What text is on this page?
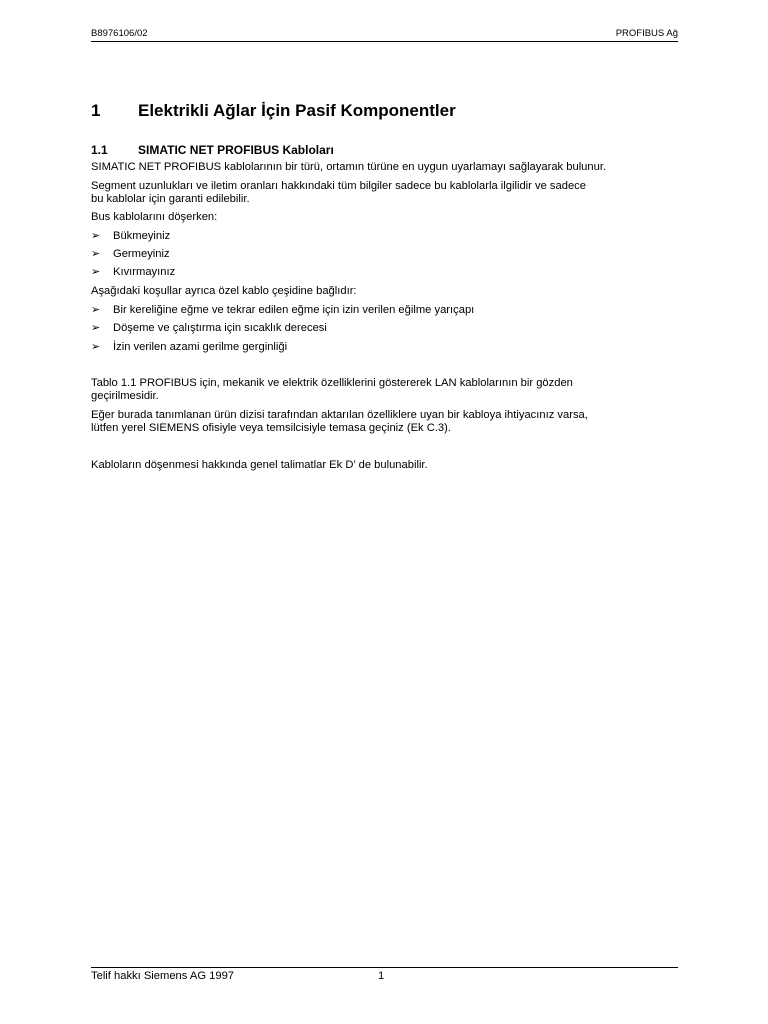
B8976106/02	PROFIBUS Ağ
1 Elektrikli Ağlar İçin Pasif Komponentler
1.1	SIMATIC NET PROFIBUS Kabloları
SIMATIC NET PROFIBUS kablolarının bir türü, ortamın türüne en uygun uyarlamayı sağlayarak bulunur.
Segment uzunlukları ve iletim oranları hakkındaki tüm bilgiler sadece bu kablolarla ilgilidir ve sadece
bu kablolar için garanti edilebilir.
Bus kablolarını döşerken:
➢ Bükmeyiniz
➢ Germeyiniz
➢ Kıvırmayınız
Aşağıdaki koşullar ayrıca özel kablo çeşidine bağlıdır:
➢ Bir kereliğine eğme ve tekrar edilen eğme için izin verilen eğilme yarıçapı
➢ Döşeme ve çalıştırma için sıcaklık derecesi
➢ İzin verilen azami gerilme gerginliği
Tablo 1.1 PROFIBUS için, mekanik ve elektrik özelliklerini göstererek LAN kablolarının bir gözden
geçirilmesidir.
Eğer burada tanımlanan ürün dizisi tarafından aktarılan özelliklere uyan bir kabloya ihtiyacınız varsa,
lütfen yerel SIEMENS ofisiyle veya temsilcisiyle temasa geçiniz (Ek C.3).
Kabloların döşenmesi hakkında genel talimatlar Ek D’ de bulunabilir.
Telif hakkı Siemens AG 1997	1
